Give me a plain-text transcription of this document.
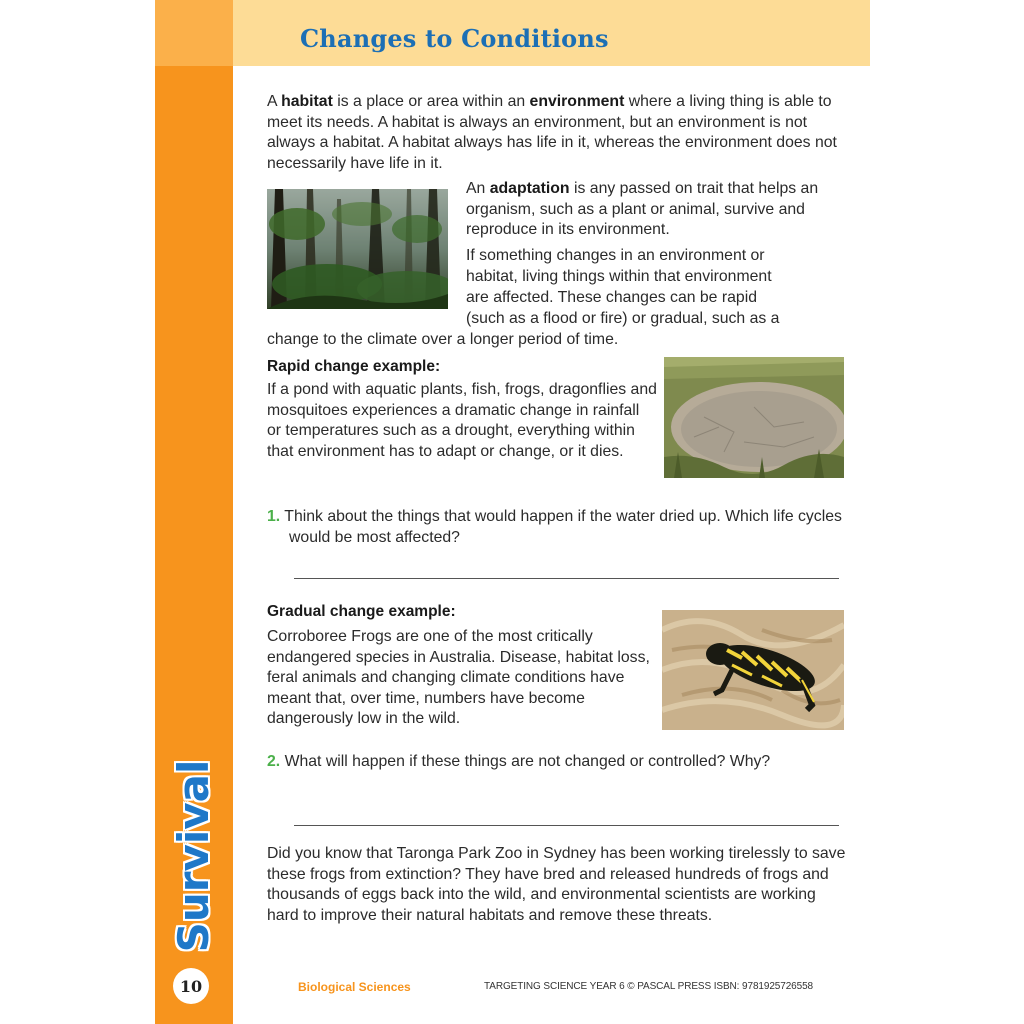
Changes to Conditions
Survival
10
A habitat is a place or area within an environment where a living thing is able to meet its needs. A habitat is always an environment, but an environment is not always a habitat. A habitat always has life in it, whereas the environment does not necessarily have life in it.
An adaptation is any passed on trait that helps an organism, such as a plant or animal, survive and reproduce in its environment.
If something changes in an environment or
habitat, living things within that environment
are affected. These changes can be rapid
(such as a flood or fire) or gradual, such as a
change to the climate over a longer period of time.
Rapid change example:
If a pond with aquatic plants, fish, frogs, dragonflies and mosquitoes experiences a dramatic change in rainfall or temperatures such as a drought, everything within that environment has to adapt or change, or it dies.
1. Think about the things that would happen if the water dried up. Which life cycles would be most affected?
Gradual change example:
Corroboree Frogs are one of the most critically endangered species in Australia. Disease, habitat loss, feral animals and changing climate conditions have meant that, over time, numbers have become dangerously low in the wild.
2. What will happen if these things are not changed or controlled? Why?
Did you know that Taronga Park Zoo in Sydney has been working tirelessly to save these frogs from extinction? They have bred and released hundreds of frogs and thousands of eggs back into the wild, and environmental scientists are working hard to improve their natural habitats and remove these threats.
Biological Sciences	TARGETING SCIENCE YEAR 6 © PASCAL PRESS ISBN: 9781925726558
